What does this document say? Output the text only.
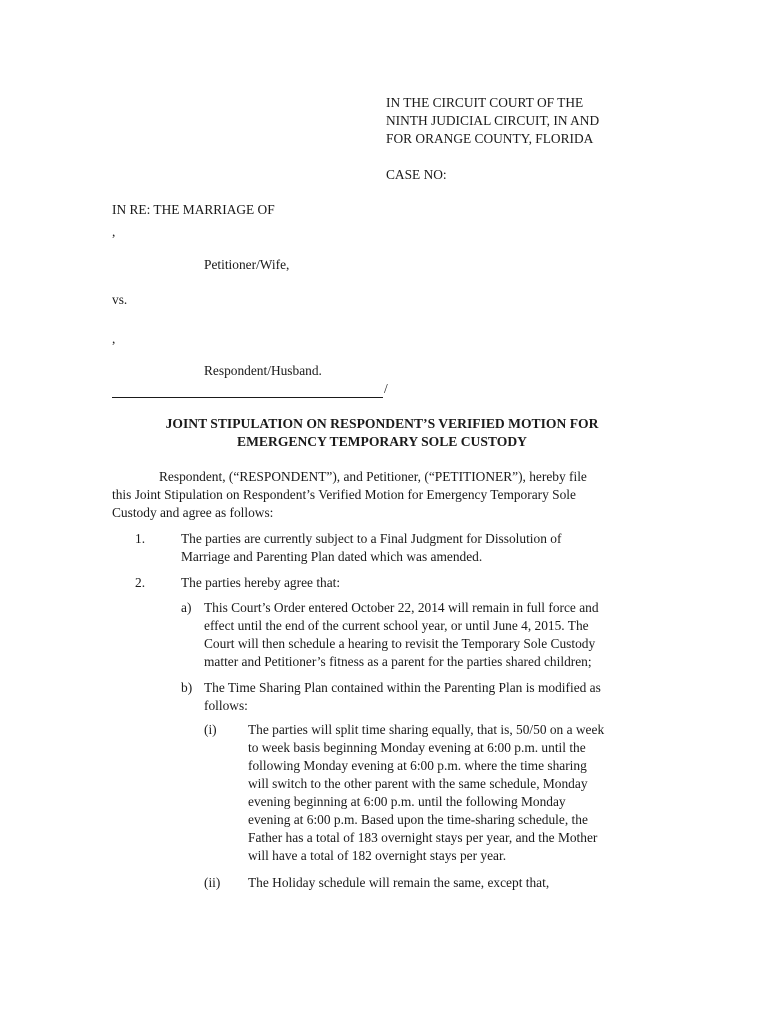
IN THE CIRCUIT COURT OF THE
NINTH JUDICIAL CIRCUIT, IN AND
FOR ORANGE COUNTY, FLORIDA
CASE NO:
IN RE: THE MARRIAGE OF
,
Petitioner/Wife,
vs.
,
Respondent/Husband.
/
JOINT STIPULATION ON RESPONDENT’S VERIFIED MOTION FOR
EMERGENCY TEMPORARY SOLE CUSTODY
Respondent, (“RESPONDENT”), and Petitioner, (“PETITIONER”), hereby file
this Joint Stipulation on Respondent’s Verified Motion for Emergency Temporary Sole
Custody and agree as follows:
1.	The parties are currently subject to a Final Judgment for Dissolution of
Marriage and Parenting Plan dated which was amended.
2.	The parties hereby agree that:
a) This Court’s Order entered October 22, 2014 will remain in full force and
effect until the end of the current school year, or until June 4, 2015. The
Court will then schedule a hearing to revisit the Temporary Sole Custody
matter and Petitioner’s fitness as a parent for the parties shared children;
b) The Time Sharing Plan contained within the Parenting Plan is modified as
follows:
(i) The parties will split time sharing equally, that is, 50/50 on a week
to week basis beginning Monday evening at 6:00 p.m. until the
following Monday evening at 6:00 p.m. where the time sharing
will switch to the other parent with the same schedule, Monday
evening beginning at 6:00 p.m. until the following Monday
evening at 6:00 p.m. Based upon the time-sharing schedule, the
Father has a total of 183 overnight stays per year, and the Mother
will have a total of 182 overnight stays per year.
(ii) The Holiday schedule will remain the same, except that,
